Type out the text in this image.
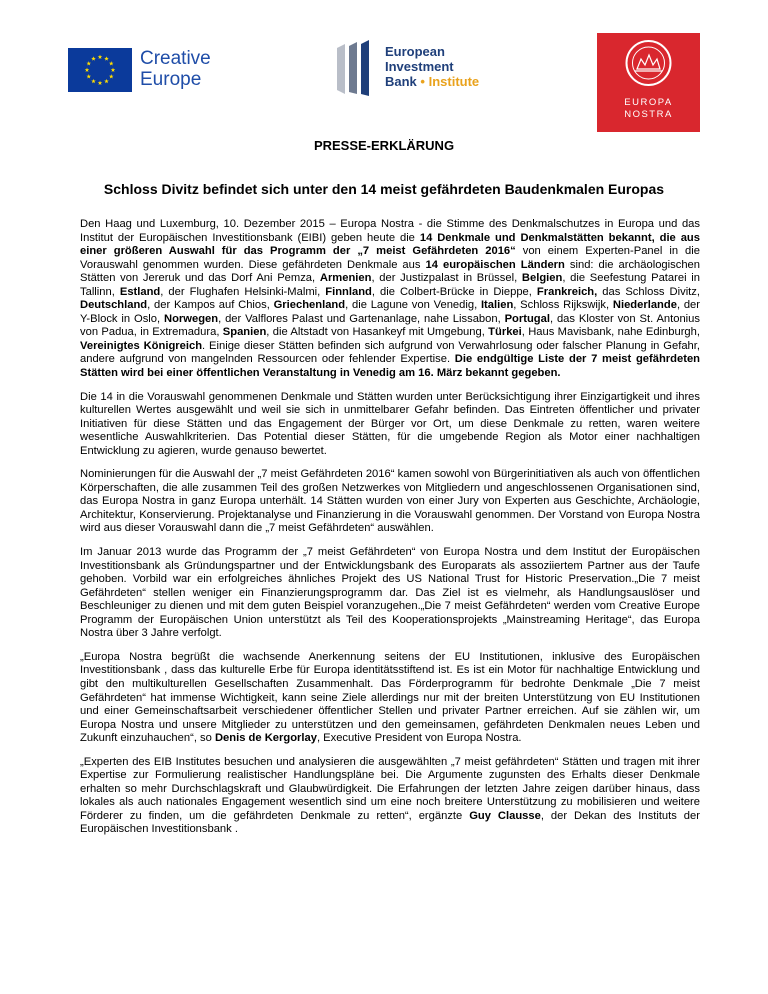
Creative
Europe
European
Investment
Bank • Institute
EUROPA
NOSTRA
PRESSE-ERKLÄRUNG
Schloss Divitz befindet sich unter den 14 meist gefährdeten Baudenkmalen Europas

Den Haag und Luxemburg, 10. Dezember 2015 – Europa Nostra - die Stimme des Denkmalschutzes in Europa und das Institut der Europäischen Investitionsbank (EIBI) geben heute die 14 Denkmale und Denkmalstätten bekannt, die aus einer größeren Auswahl für das Programm der „7 meist Gefährdeten 2016“ von einem Experten-Panel in die Vorauswahl genommen wurden. Diese gefährdeten Denkmale aus 14 europäischen Ländern sind: die archäologischen Stätten von Jereruk und das Dorf Ani Pemza, Armenien, der Justizpalast in Brüssel, Belgien, die Seefestung Patarei in Tallinn, Estland, der Flughafen Helsinki-Malmi, Finnland, die Colbert-Brücke in Dieppe, Frankreich, das Schloss Divitz, Deutschland, der Kampos auf Chios, Griechenland, die Lagune von Venedig, Italien, Schloss Rijkswijk, Niederlande, der Y-Block in Oslo, Norwegen, der Valflores Palast und Gartenanlage, nahe Lissabon, Portugal, das Kloster von St. Antonius von Padua, in Extremadura, Spanien, die Altstadt von Hasankeyf mit Umgebung, Türkei, Haus Mavisbank, nahe Edinburgh, Vereinigtes Königreich. Einige dieser Stätten befinden sich aufgrund von Verwahrlosung oder falscher Planung in Gefahr, andere aufgrund von mangelnden Ressourcen oder fehlender Expertise. Die endgültige Liste der 7 meist gefährdeten Stätten wird bei einer öffentlichen Veranstaltung in Venedig am 16. März bekannt gegeben.

Die 14 in die Vorauswahl genommenen Denkmale und Stätten wurden unter Berücksichtigung ihrer Einzigartigkeit und ihres kulturellen Wertes ausgewählt und weil sie sich in unmittelbarer Gefahr befinden. Das Eintreten öffentlicher und privater Initiativen für diese Stätten und das Engagement der Bürger vor Ort, um diese Denkmale zu retten, waren weitere wesentliche Auswahlkriterien. Das Potential dieser Stätten, für die umgebende Region als Motor einer nachhaltigen Entwicklung zu agieren, wurde genauso bewertet.

Nominierungen für die Auswahl der „7 meist Gefährdeten 2016“ kamen sowohl von Bürgerinitiativen als auch von öffentlichen Körperschaften, die alle zusammen Teil des großen Netzwerkes von Mitgliedern und angeschlossenen Organisationen sind, das Europa Nostra in ganz Europa unterhält. 14 Stätten wurden von einer Jury von Experten aus Geschichte, Archäologie, Architektur, Konservierung. Projektanalyse und Finanzierung in die Vorauswahl genommen. Der Vorstand von Europa Nostra wird aus dieser Vorauswahl dann die „7 meist Gefährdeten“ auswählen.

Im Januar 2013 wurde das Programm der „7 meist Gefährdeten“ von Europa Nostra und dem Institut der Europäischen Investitionsbank als Gründungspartner und der Entwicklungsbank des Europarats als assoziiertem Partner aus der Taufe gehoben. Vorbild war ein erfolgreiches ähnliches Projekt des US National Trust for Historic Preservation.„Die 7 meist Gefährdeten“ stellen weniger ein Finanzierungsprogramm dar. Das Ziel ist es vielmehr, als Handlungsauslöser und Beschleuniger zu dienen und mit dem guten Beispiel voranzugehen.„Die 7 meist Gefährdeten“ werden vom Creative Europe Programm der Europäischen Union unterstützt als Teil des Kooperationsprojekts „Mainstreaming Heritage“, das Europa Nostra über 3 Jahre verfolgt.

„Europa Nostra begrüßt die wachsende Anerkennung seitens der EU Institutionen, inklusive des Europäischen Investitionsbank , dass das kulturelle Erbe für Europa identitätsstiftend ist. Es ist ein Motor für nachhaltige Entwicklung und gibt den multikulturellen Gesellschaften Zusammenhalt. Das Förderprogramm für bedrohte Denkmale „Die 7 meist Gefährdeten“ hat immense Wichtigkeit, kann seine Ziele allerdings nur mit der breiten Unterstützung von EU Institutionen und einer Gemeinschaftsarbeit verschiedener öffentlicher Stellen und privater Partner erreichen. Auf sie zählen wir, um Europa Nostra und unsere Mitglieder zu unterstützen und den gemeinsamen, gefährdeten Denkmalen neues Leben und Zukunft einzuhauchen“, so Denis de Kergorlay, Executive President von Europa Nostra.

„Experten des EIB Institutes besuchen und analysieren die ausgewählten „7 meist gefährdeten“ Stätten und tragen mit ihrer Expertise zur Formulierung realistischer Handlungspläne bei. Die Argumente zugunsten des Erhalts dieser Denkmale erhalten so mehr Durchschlagskraft und Glaubwürdigkeit. Die Erfahrungen der letzten Jahre zeigen darüber hinaus, dass lokales als auch nationales Engagement wesentlich sind um eine noch breitere Unterstützung zu mobilisieren und weitere Förderer zu finden, um die gefährdeten Denkmale zu retten“, ergänzte Guy Clausse, der Dekan des Instituts der Europäischen Investitionsbank .
